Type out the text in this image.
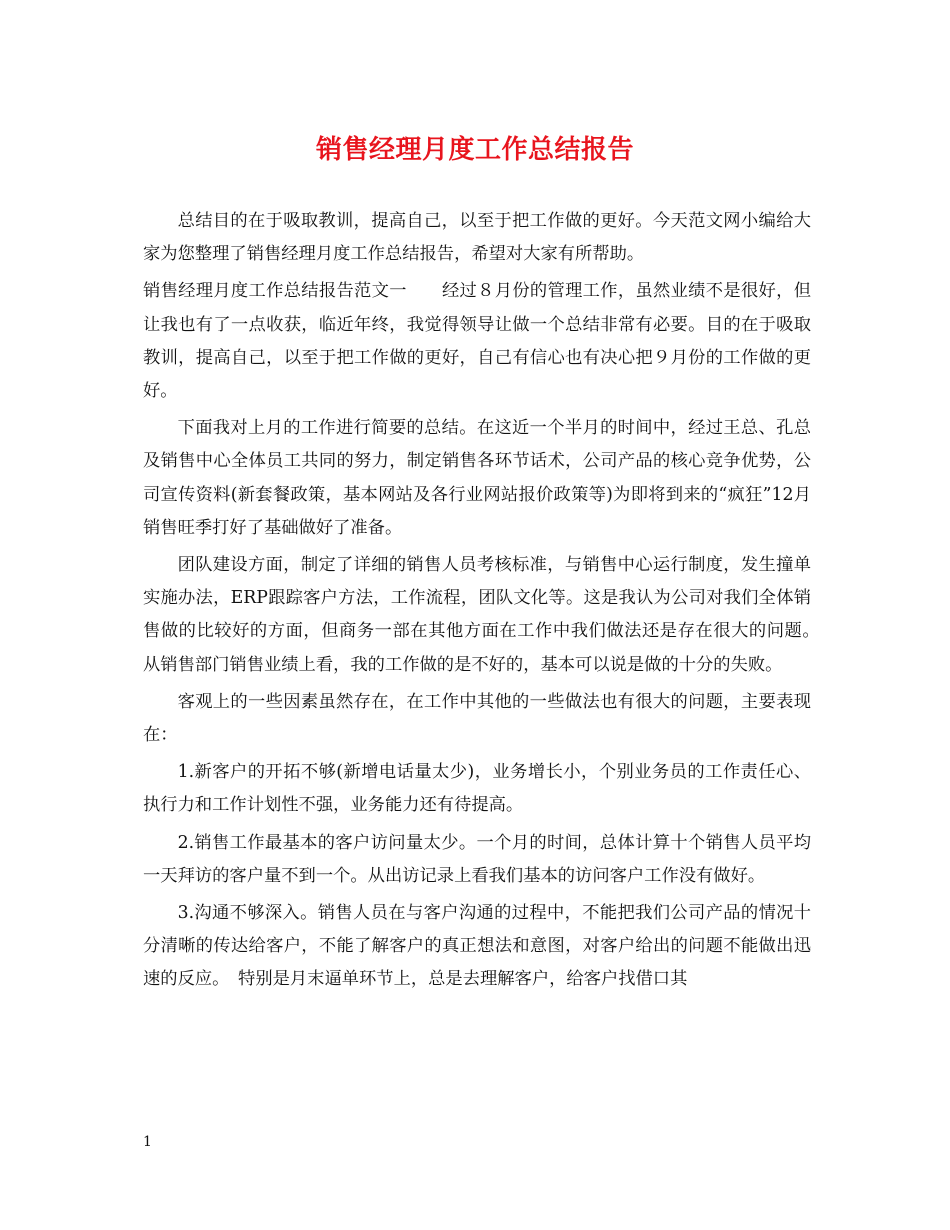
销售经理月度工作总结报告

总结目的在于吸取教训，提高自己，以至于把工作做的更好。今天范文网小编给大家为您整理了销售经理月度工作总结报告，希望对大家有所帮助。

销售经理月度工作总结报告范文一　　经过８月份的管理工作，虽然业绩不是很好，但让我也有了一点收获，临近年终，我觉得领导让做一个总结非常有必要。目的在于吸取教训，提高自己，以至于把工作做的更好，自己有信心也有决心把９月份的工作做的更好。

下面我对上月的工作进行简要的总结。在这近一个半月的时间中，经过王总、孔总及销售中心全体员工共同的努力，制定销售各环节话术，公司产品的核心竞争优势，公司宣传资料(新套餐政策，基本网站及各行业网站报价政策等)为即将到来的“疯狂”12月销售旺季打好了基础做好了准备。

团队建设方面，制定了详细的销售人员考核标准，与销售中心运行制度，发生撞单实施办法，ERP跟踪客户方法，工作流程，团队文化等。这是我认为公司对我们全体销售做的比较好的方面，但商务一部在其他方面在工作中我们做法还是存在很大的问题。　从销售部门销售业绩上看，我的工作做的是不好的，基本可以说是做的十分的失败。

客观上的一些因素虽然存在，在工作中其他的一些做法也有很大的问题，主要表现在：

1.新客户的开拓不够(新增电话量太少)，业务增长小，个别业务员的工作责任心、执行力和工作计划性不强，业务能力还有待提高。

2.销售工作最基本的客户访问量太少。一个月的时间，总体计算十个销售人员平均一天拜访的客户量不到一个。从出访记录上看我们基本的访问客户工作没有做好。

3.沟通不够深入。销售人员在与客户沟通的过程中，不能把我们公司产品的情况十分清晰的传达给客户，不能了解客户的真正想法和意图，对客户给出的问题不能做出迅速的反应。　特别是月末逼单环节上，总是去理解客户，给客户找借口其

1
